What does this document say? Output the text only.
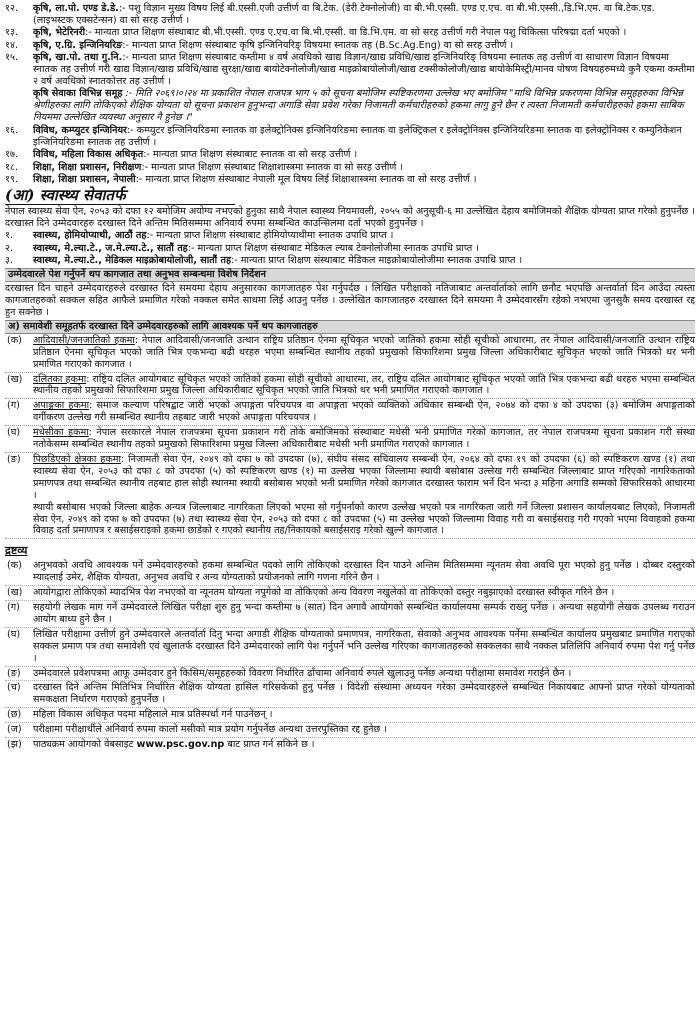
१२.	कृषि, ला.पो. एण्ड डे.डे.:- पशु विज्ञान मुख्य विषय लिई बी.एस्सी.एजी उत्तीर्ण वा बि.टेक. (डेरी टेक्नोलोजी) वा बी.भी.एस्सी. एण्ड ए.एच. वा बी.भी.एस्सी.,डि.भि.एम. वा बि.टेक.एड. (लाइभस्टक एक्सटेन्सन) वा सो सरह उत्तीर्ण ।
१३.	कृषि, भेटेरिनरी:- मान्यता प्राप्त शिक्षण संस्थाबाट बी.भी.एस्सी. एण्ड ए.एच.वा बि.भी.एस्सी. वा डि.भि.एम. वा सो सरह उत्तीर्ण गरी नेपाल पशु चिकित्सा परिषद्मा दर्ता भएको ।
१४.	कृषि, ए.ग्रि. इन्जिनियरिङ:- मान्यता प्राप्त शिक्षण संस्थाबाट कृषि इन्जिनियरिङ् विषयमा स्नातक तह (B.Sc.Ag.Eng) वा सो सरह उत्तीर्ण ।
१५.	कृषि, खा.पो. तथा गु.नि.:- मान्यता प्राप्त शिक्षण संस्थाबाट कम्तीमा ४ वर्ष अवधिको खाद्य विज्ञान/खाद्य प्रविधि/खाद्य इन्जिनियरिङ् विषयमा स्नातक तह उत्तीर्ण वा साधारण विज्ञान विषयमा स्नातक तह उत्तीर्ण गरी खाद्य विज्ञान/खाद्य प्रविधि/खाद्य सुरक्षा/खाद्य बायोटेक्नोलोजी/खाद्य माइक्रोबायोलोजी/खाद्य टक्सीकोलोजी/खाद्य बायोकेमिस्ट्री/मानव पोषण विषयहरुमध्ये कुनै एकमा कम्तीमा २ वर्ष अवधिको स्नातकोत्तर तह उत्तीर्ण ।
कृषि सेवाका विभिन्न समूह :- मिति २०६९।०।२४ मा प्रकाशित नेपाल राजपत्र भाग ५ को सूचना बमोजिम स्पष्टिकरणमा उल्लेख भए बमोजिम "माथि विभिन्न प्रकरणमा विभिन्न समूहहरुका विभिन्न श्रेणीहरुका लागि तोकिएको शैक्षिक योग्यता यो सूचना प्रकाशन हुनुभन्दा अगाडि सेवा प्रवेश गरेका निजामती कर्मचारीहरुको हकमा लागु हुने छैन र त्यस्ता निजामती कर्मचारीहरुको हकमा साबिक नियममा उल्लेखित व्यवस्था अनुसार नै हुनेछ ।"
१६.	विविध, कम्प्युटर इन्जिनियर:- कम्प्युटर इन्जिनियरिङमा स्नातक वा इलेक्ट्रोनिक्स इन्जिनियरिङमा स्नातक वा इलेक्ट्रिकल र इलेक्ट्रोनिक्स इन्जिनियरिङमा स्नातक वा इलेक्ट्रोनिक्स र कम्युनिकेशन इन्जिनियरिङमा स्नातक तह उत्तीर्ण ।
१७.	विविध, महिला विकास अधिकृत:- मान्यता प्राप्त शिक्षण संस्थाबाट स्नातक वा सो सरह उत्तीर्ण ।
१८.	शिक्षा, शिक्षा प्रशासन, निरीक्षण:- मान्यता प्राप्त शिक्षण संस्थाबाट शिक्षाशास्त्रमा स्नातक वा सो सरह उत्तीर्ण ।
१९.	शिक्षा, शिक्षा प्रशासन, नेपाली:- मान्यता प्राप्त शिक्षण संस्थाबाट नेपाली मूल विषय लिई शिक्षाशास्त्रमा स्नातक वा सो सरह उत्तीर्ण ।
(आ) स्वास्थ्य सेवातर्फ
नेपाल स्वास्थ्य सेवा ऐन, २०५३ को दफा १२ बमोजिम अयोग्य नभएको हुनुका साथै नेपाल स्वास्थ्य नियमावली, २०५५ को अनुसूची-६ मा उल्लेखित देहाय बमोजिमको शैक्षिक योग्यता प्राप्त गरेको हुनुपर्नेछ । दरखास्त दिने उम्मेदवारहरु दरखास्त दिने अन्तिम मितिसम्ममा अनिवार्य रुपमा सम्बन्धित काउन्सिलमा दर्ता भएको हुनुपर्नेछ ।
१.	स्वास्थ्य, होमियोप्याथी, आठौं तह:- मान्यता प्राप्त शिक्षण संस्थाबाट होमियोप्याथीमा स्नातक उपाधि प्राप्त ।
२.	स्वास्थ्य, मे.ल्या.टे., ज.मे.ल्या.टे., सातौं तह:- मान्यता प्राप्त शिक्षण संस्थाबाट मेडिकल ल्याब टेक्नोलोजीमा स्नातक उपाधि प्राप्त ।
३.	स्वास्थ्य, मे.ल्या.टे., मेडिकल माइक्रोबायोलोजी, सातौं तह:- मान्यता प्राप्त शिक्षण संस्थाबाट मेडिकल माइक्रोबायोलोजीमा स्नातक उपाधि प्राप्त ।
उम्मेदवारले पेश गर्नुपर्ने थप कागजात तथा अनुभव सम्बन्धमा विशेष निर्देशन
दरखास्त दिन चाहने उम्मेदवारहरुले दरखास्त दिने समयमा देहाय अनुसारका कागजातहरु पेश गर्नुपर्दछ । लिखित परीक्षाको नतिजाबाट अन्तर्वार्ताको लागि छनौट भएपछि अन्तर्वार्ता दिन आउँदा त्यस्ता कागजातहरुको सक्कल सहित आफैले प्रमाणित गरेको नक्कल समेत साथमा लिई आउनु पर्नेछ । उल्लेखित कागजातहरु दरखास्त दिने समयमा नै उम्मेदवारसँग रहेको नभएमा जुनसुकै समय दरखास्त रद्द हुन सक्नेछ ।
अ) समावेशी समूहतर्फ दरखास्त दिने उम्मेदवारहरुको लागि आवश्यक पर्ने थप कागजातहरु
(क) आदिवासी/जनजातिको हकमा: नेपाल आदिवासी/जनजाति उत्थान राष्ट्रिय प्रतिष्ठान ऐनमा सूचिकृत भएको जातिको हकमा सोही सूचीको आधारमा, तर नेपाल आदिवासी/जनजाति उत्थान राष्ट्रिय प्रतिष्ठान ऐनमा सूचिकृत भएको जाति भित्र एकभन्दा बढी थरहरु भएमा सम्बन्धित स्थानीय तहको प्रमुखको सिफारिशमा प्रमुख जिल्ला अधिकारीबाट सूचिकृत भएको जाति भित्रको थर भनी प्रमाणित गराएको कागजात ।
(ख) दलितका हकमा: राष्ट्रिय दलित आयोगबाट सूचिकृत भएको जातिको हकमा सोही सूचीको आधारमा, तर, राष्ट्रिय दलित आयोगबाट सूचिकृत भएको जाति भित्र एकभन्दा बढी थरहरु भएमा सम्बन्धित स्थानीय तहको प्रमुखको सिफारिशमा प्रमुख जिल्ला अधिकारीबाट सूचिकृत भएको जाति भित्रको थर भनी प्रमाणित गराएको कागजात ।
(ग) अपाङ्गका हकमा: समाज कल्याण परिषद्बाट जारी भएको अपाङ्गता परिचयपत्र वा अपाङ्गता भएको व्यक्तिको अधिकार सम्बन्धी ऐन, २०७४ को दफा ४ को उपदफा (३) बमोजिम अपाङ्गताको वर्गीकरण उल्लेख गरी सम्बन्धित स्थानीय तहबाट जारी भएको अपाङ्गता परिचयपत्र ।
(घ) मधेसीका हकमा: नेपाल सरकारले नेपाल राजपत्रमा सूचना प्रकाशन गरी तोके बमोजिमको संस्थाबाट मधेसी भनी प्रमाणित गरेको कागजात, तर नेपाल राजपत्रमा सूचना प्रकाशन गरी संस्था नतोकेसम्म सम्बन्धित स्थानीय तहको प्रमुखको सिफारिशमा प्रमुख जिल्ला अधिकारीबाट मधेसी भनी प्रमाणित गराएको कागजात ।
(ङ) पिछडिएको क्षेत्रका हकमा: निजामती सेवा ऐन, २०४९ को दफा ७ को उपदफा (७), संघीय संसद सचिवालय सम्बन्धी ऐन, २०६४ को दफा १९ को उपदफा (६) को स्पष्टिकरण खण्ड (१) तथा स्वास्थ्य सेवा ऐन, २०५३ को दफा ८ को उपदफा (५) को स्पष्टिकरण खण्ड (१) मा उल्लेख भएका जिल्लामा स्थायी बसोबास उल्लेख गरी सम्बन्धित जिल्लाबाट प्राप्त गरिएको नागरिकताको प्रमाणपत्र तथा सम्बन्धित स्थानीय तहबाट हाल सोही स्थानमा स्थायी बसोबास भएको भनी प्रमाणित गरेको कागजात दरखास्त फाराम भर्ने दिन भन्दा ३ महिना अगाडि सम्मको सिफारिसको आधारमा ।
स्थायी बसोबास भएको जिल्ला बाहेक अन्यत्र जिल्लाबाट नागरिकता लिएको भएमा सो गर्नुपर्नाको कारण उल्लेख भएको पत्र नागरिकता जारी गर्ने जिल्ला प्रशासन कार्यालयबाट लिएको, निजामती सेवा ऐन, २०४९ को दफा ७ को उपदफा (७) तथा स्वास्थ्य सेवा ऐन, २०५३ को दफा ८ को उपदफा (५) मा उल्लेख भएको जिल्लामा विवाह गरी वा बसाईसराइ गरी गएको भएमा विवाहको हकमा विवाह दर्ता प्रमाणपत्र र बसाईसराइको हकमा छाडेको र गएको स्थानीय तह/निकायको बसाईसराइ गरेको खुल्ने कागजात ।
द्रष्टव्य
(क) अनुभवको अवधि आवश्यक पर्ने उम्मेदवारहरुको हकमा सम्बन्धित पदको लागि तोकिएको दरखास्त दिन पाउने अन्तिम मितिसम्ममा न्यूनतम सेवा अवधि पूरा भएको हुनु पर्नेछ । दोब्बर दस्तुरको म्यादलाई उमेर, शैक्षिक योग्यता, अनुभव अवधि र अन्य योग्यताको प्रयोजनको लागि गणना गरिने छैन ।
(ख) आयोगद्वारा तोकिएको म्यादभित्र पेश नभएको वा न्यूनतम योग्यता नपुगेको वा तोकिएको अन्य विवरण नखुलेको वा तोकिएको दस्तुर नबुझाएको दरखास्त स्वीकृत गरिने छैन ।
(ग) सहयोगी लेखक माग गर्ने उम्मेदवारले लिखित परीक्षा शुरु हुनु भन्दा कम्तीमा ७ (सात) दिन अगावै आयोगको सम्बन्धित कार्यालयमा सम्पर्क राख्नु पर्नेछ । अन्यथा सहयोगी लेखक उपलब्ध गराउन आयोग बाध्य हुने छैन ।
(घ) लिखित परीक्षामा उत्तीर्ण हुने उम्मेदवारले अन्तर्वार्ता दिनु भन्दा अगाडी शैक्षिक योग्यताको प्रमाणपत्र, नागरिकता, सेवाको अनुभव आवश्यक पर्नेमा सम्बन्धित कार्यालय प्रमुखबाट प्रमाणित गराएको सक्कल प्रमाण पत्र तथा समावेशी एवं खुलातर्फ दरखास्त दिने उम्मेदवारको लागि पेश गर्नुपर्ने भनि उल्लेख गरिएका कागजातहरुको सक्कलका साथै नक्कल प्रतिलिपि अनिवार्य रुपमा पेश गर्नु पर्नेछ ।
(ङ) उम्मेदवारले प्रवेशपत्रमा आफू उम्मेदवार हुने किसिम/समूहहरुको विवरण निर्धारित ढाँचामा अनिवार्य रुपले खुलाउनु पर्नेछ अन्यथा परीक्षामा समावेश गराईने छैन ।
(च) दरखास्त दिने अन्तिम मितिभित्र निर्धारित शैक्षिक योग्यता हासिल गरिसकेको हुनु पर्नेछ । विदेशी संस्थामा अध्ययन गरेका उम्मेदवारहरुले सम्बन्धित निकायबाट आफ्नो प्राप्त गरेको योग्यताको समकक्षता निर्धारण गराएको हुनुपर्नेछ ।
(छ) महिला विकास अधिकृत पदमा महिलाले मात्र प्रतिस्पर्धा गर्न पाउनेछन् ।
(ज) परीक्षामा परीक्षार्थीले अनिवार्य रुपमा कालो मसीको मात्र प्रयोग गर्नुपर्नेछ अन्यथा उत्तरपुस्तिका रद्द हुनेछ ।
(झ) पाठ्यक्रम आयोगको वेबसाइट www.psc.gov.np बाट प्राप्त गर्न सकिने छ ।
